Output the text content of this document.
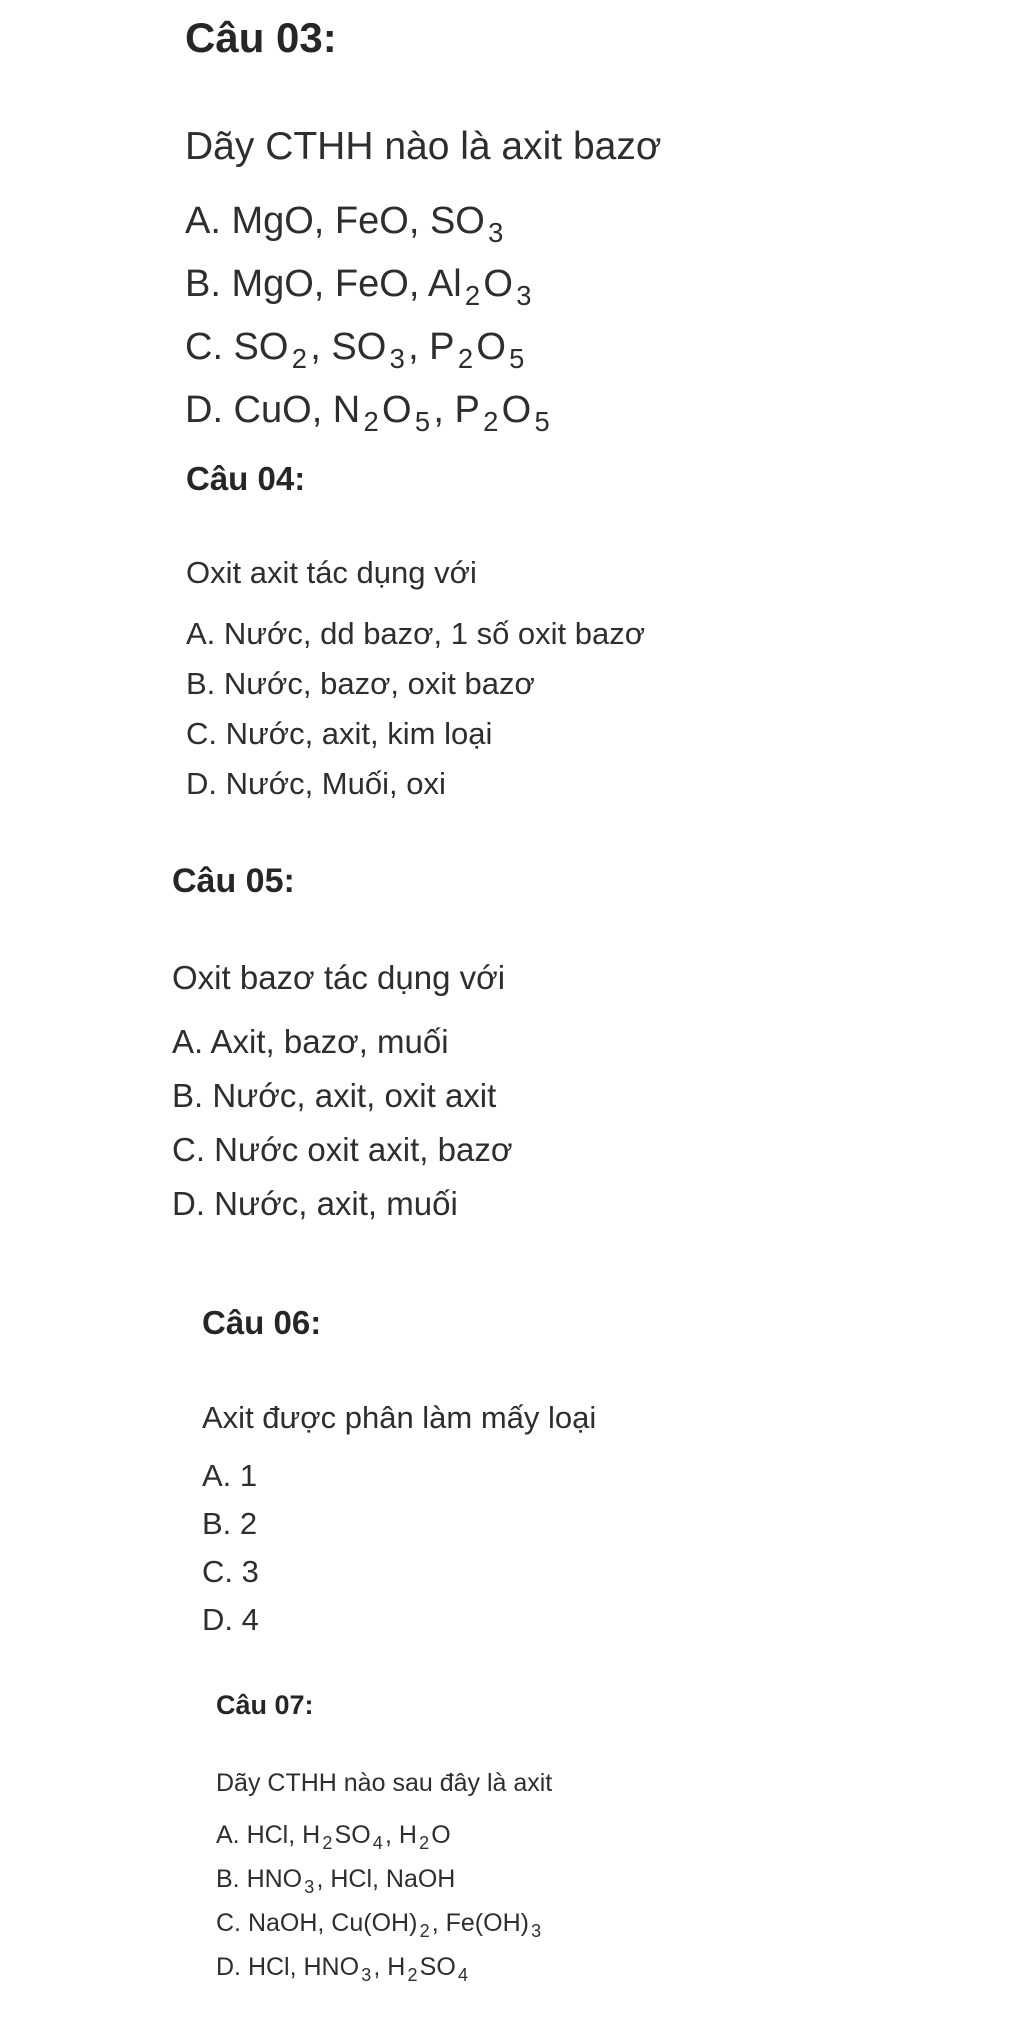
Câu 03:

Dãy CTHH nào là axit bazơ

A. MgO, FeO, SO 3

B. MgO, FeO, Al 2O 3

C. SO 2, SO 3, P 2O 5

D. CuO, N 2O 5, P 2O 5

Câu 04:

Oxit axit tác dụng với

A. Nước, dd bazơ, 1 số oxit bazơ

B. Nước, bazơ, oxit bazơ

C. Nước, axit, kim loại

D. Nước, Muối, oxi

Câu 05:

Oxit bazơ tác dụng với

A. Axit, bazơ, muối

B. Nước, axit, oxit axit

C. Nước oxit axit, bazơ

D. Nước, axit, muối

Câu 06:

Axit được phân làm mấy loại

A. 1

B. 2

C. 3

D. 4

Câu 07:

Dãy CTHH nào sau đây là axit

A. HCl, H 2SO 4, H 2O

B. HNO 3, HCl, NaOH

C. NaOH, Cu(OH) 2, Fe(OH) 3

D. HCl, HNO 3, H 2SO 4
